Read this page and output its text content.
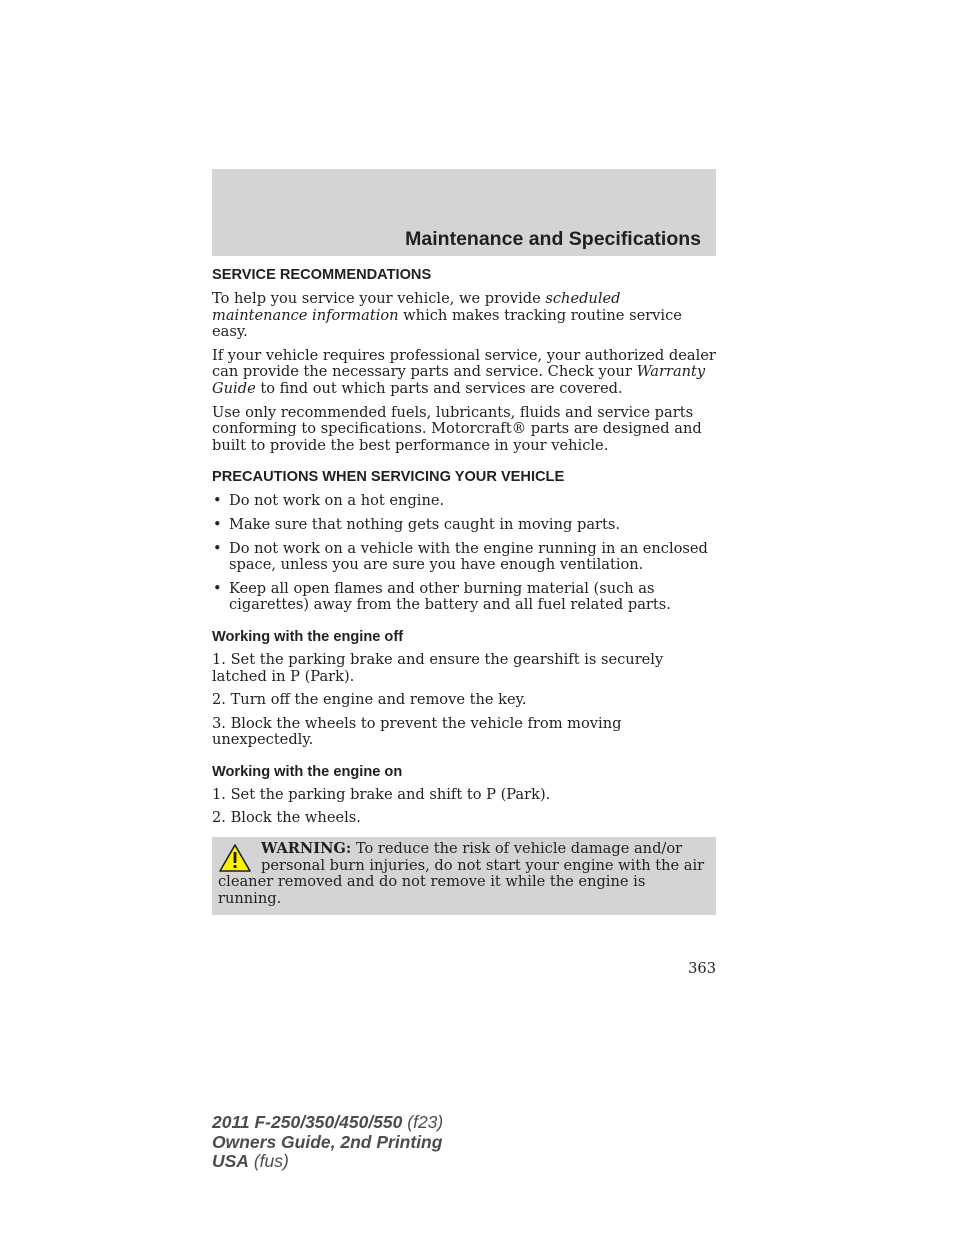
Maintenance and Specifications
SERVICE RECOMMENDATIONS

To help you service your vehicle, we provide scheduled maintenance information which makes tracking routine service easy.

If your vehicle requires professional service, your authorized dealer can provide the necessary parts and service. Check your Warranty Guide to find out which parts and services are covered.

Use only recommended fuels, lubricants, fluids and service parts conforming to specifications. Motorcraft® parts are designed and built to provide the best performance in your vehicle.

PRECAUTIONS WHEN SERVICING YOUR VEHICLE
• Do not work on a hot engine.
• Make sure that nothing gets caught in moving parts.
• Do not work on a vehicle with the engine running in an enclosed space, unless you are sure you have enough ventilation.
• Keep all open flames and other burning material (such as cigarettes) away from the battery and all fuel related parts.
Working with the engine off

1. Set the parking brake and ensure the gearshift is securely latched in P (Park).

2. Turn off the engine and remove the key.

3. Block the wheels to prevent the vehicle from moving unexpectedly.

Working with the engine on

1. Set the parking brake and shift to P (Park).

2. Block the wheels.

WARNING: To reduce the risk of vehicle damage and/or personal burn injuries, do not start your engine with the air cleaner removed and do not remove it while the engine is running.
363
2011 F-250/350/450/550 (f23)
Owners Guide, 2nd Printing
USA (fus)
